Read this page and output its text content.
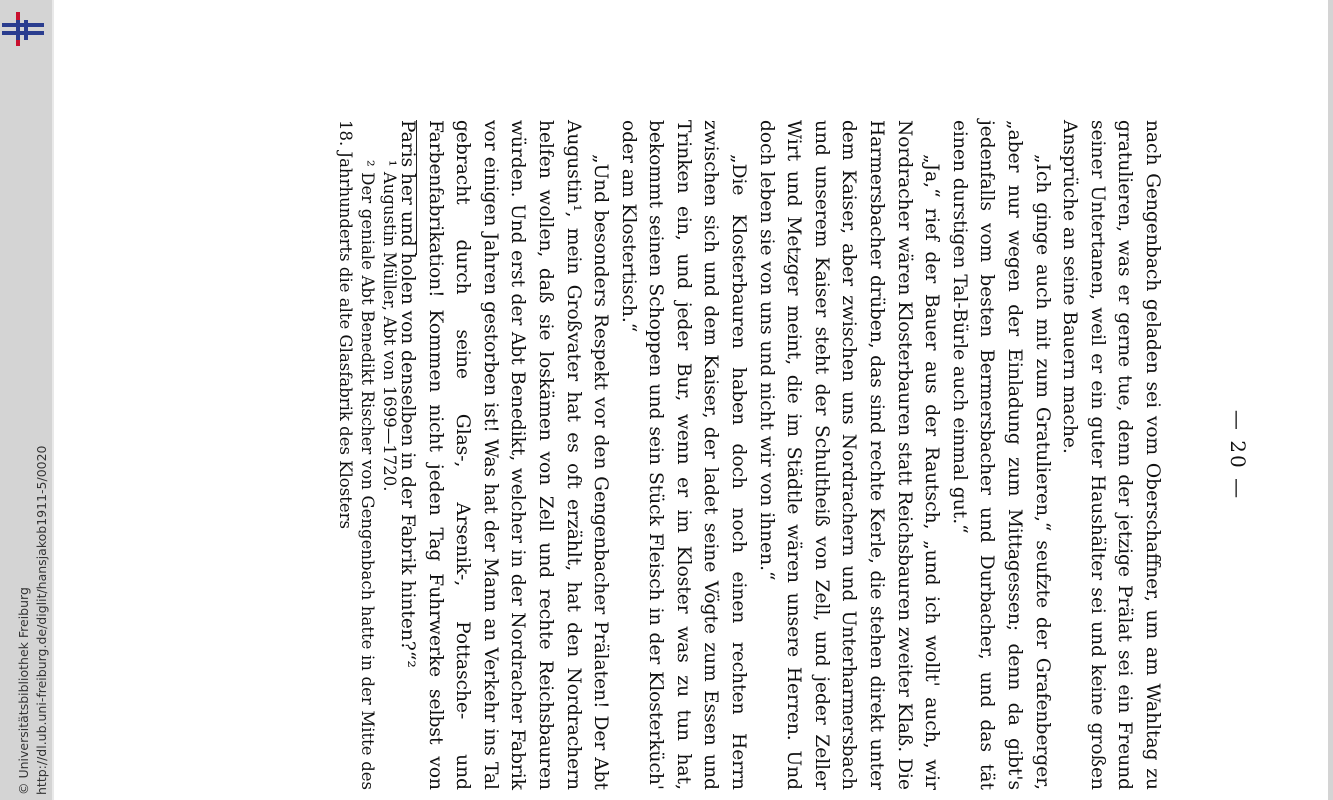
http://dl.ub.uni-freiburg.de/diglit/hansjakob1911-5/0020
© Universitätsbibliothek Freiburg
— 20 —

nach Gengenbach geladen sei vom Oberschaffner, um am Wahltag zu gratulieren, was er gerne tue, denn der jetzige Prälat sei ein Freund seiner Untertanen, weil er ein guter Haushälter sei und keine großen Ansprüche an seine Bauern mache.

„Ich ginge auch mit zum Gratulieren,“ seufzte der Grafenberger, „aber nur wegen der Einladung zum Mittagessen; denn da gibt's jedenfalls vom besten Bermersbacher und Durbacher, und das tät einen durstigen Tal-Bürle auch einmal gut.“

„Ja,“ rief der Bauer aus der Rautsch, „und ich wollt' auch, wir Nordracher wären Klosterbauren statt Reichsbauren zweiter Klaß. Die Harmersbacher drüben, das sind rechte Kerle, die stehen direkt unter dem Kaiser, aber zwischen uns Nordrachern und Unterharmersbach und unserem Kaiser steht der Schultheiß von Zell, und jeder Zeller Wirt und Metzger meint, die im Städtle wären unsere Herren. Und doch leben sie von uns und nicht wir von ihnen.“

„Die Klosterbauren haben doch noch einen rechten Herrn zwischen sich und dem Kaiser, der ladet seine Vögte zum Essen und Trinken ein, und jeder Bur, wenn er im Kloster was zu tun hat, bekommt seinen Schoppen und sein Stück Fleisch in der Klosterküch' oder am Klostertisch.“

„Und besonders Respekt vor den Gengenbacher Prälaten! Der Abt Augustin¹, mein Großvater hat es oft erzählt, hat den Nordrachern helfen wollen, daß sie loskämen von Zell und rechte Reichsbauren würden. Und erst der Abt Benedikt, welcher in der Nordracher Fabrik vor einigen Jahren gestorben ist! Was hat der Mann an Verkehr ins Tal gebracht durch seine Glas-, Arsenik-, Pottasche- und Farbenfabrikation! Kommen nicht jeden Tag Fuhrwerke selbst von Paris her und holen von denselben in der Fabrik hinten?“²

¹ Augustin Müller, Abt von 1699—1720.

² Der geniale Abt Benedikt Rischer von Gengenbach hatte in der Mitte des 18. Jahrhunderts die alte Glasfabrik des Klosters
